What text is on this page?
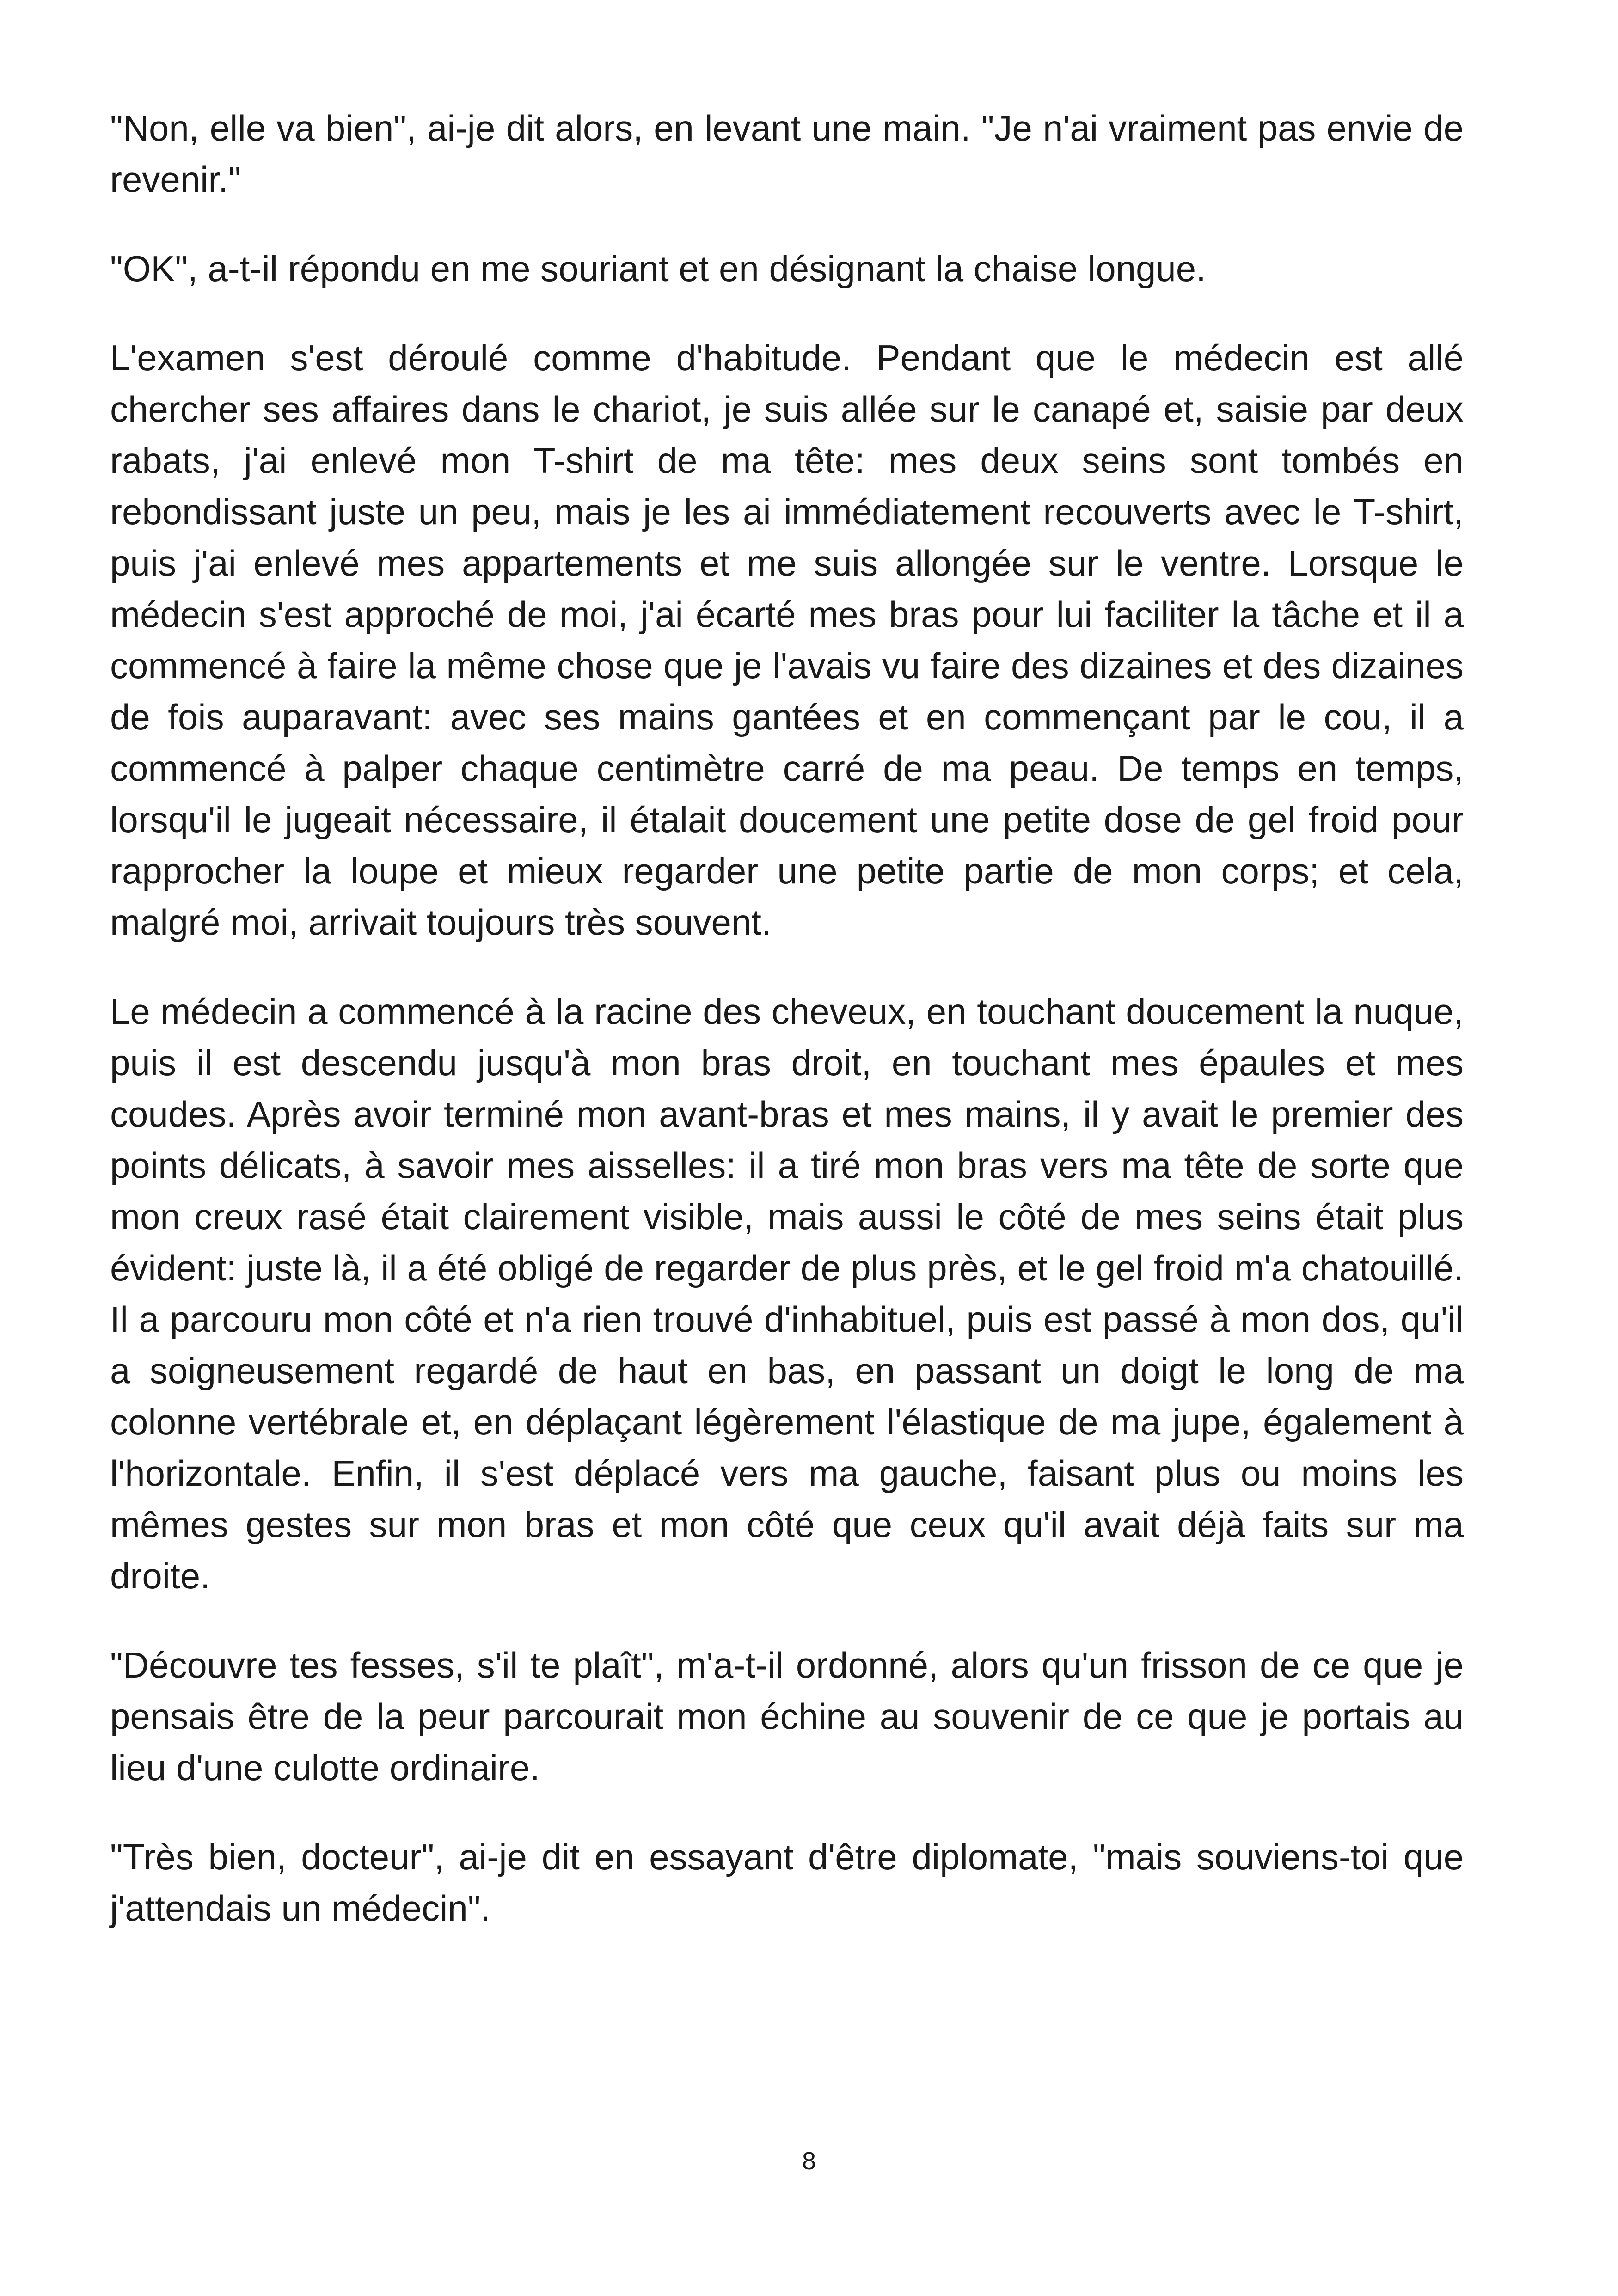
"Non, elle va bien", ai-je dit alors, en levant une main. "Je n'ai vraiment pas envie de revenir."

"OK", a-t-il répondu en me souriant et en désignant la chaise longue.

L'examen s'est déroulé comme d'habitude. Pendant que le médecin est allé chercher ses affaires dans le chariot, je suis allée sur le canapé et, saisie par deux rabats, j'ai enlevé mon T-shirt de ma tête: mes deux seins sont tombés en rebondissant juste un peu, mais je les ai immédiatement recouverts avec le T-shirt, puis j'ai enlevé mes appartements et me suis allongée sur le ventre. Lorsque le médecin s'est approché de moi, j'ai écarté mes bras pour lui faciliter la tâche et il a commencé à faire la même chose que je l'avais vu faire des dizaines et des dizaines de fois auparavant: avec ses mains gantées et en commençant par le cou, il a commencé à palper chaque centimètre carré de ma peau. De temps en temps, lorsqu'il le jugeait nécessaire, il étalait doucement une petite dose de gel froid pour rapprocher la loupe et mieux regarder une petite partie de mon corps; et cela, malgré moi, arrivait toujours très souvent.

Le médecin a commencé à la racine des cheveux, en touchant doucement la nuque, puis il est descendu jusqu'à mon bras droit, en touchant mes épaules et mes coudes. Après avoir terminé mon avant-bras et mes mains, il y avait le premier des points délicats, à savoir mes aisselles: il a tiré mon bras vers ma tête de sorte que mon creux rasé était clairement visible, mais aussi le côté de mes seins était plus évident: juste là, il a été obligé de regarder de plus près, et le gel froid m'a chatouillé. Il a parcouru mon côté et n'a rien trouvé d'inhabituel, puis est passé à mon dos, qu'il a soigneusement regardé de haut en bas, en passant un doigt le long de ma colonne vertébrale et, en déplaçant légèrement l'élastique de ma jupe, également à l'horizontale. Enfin, il s'est déplacé vers ma gauche, faisant plus ou moins les mêmes gestes sur mon bras et mon côté que ceux qu'il avait déjà faits sur ma droite.

"Découvre tes fesses, s'il te plaît", m'a-t-il ordonné, alors qu'un frisson de ce que je pensais être de la peur parcourait mon échine au souvenir de ce que je portais au lieu d'une culotte ordinaire.

"Très bien, docteur", ai-je dit en essayant d'être diplomate, "mais souviens-toi que j'attendais un médecin".

8
